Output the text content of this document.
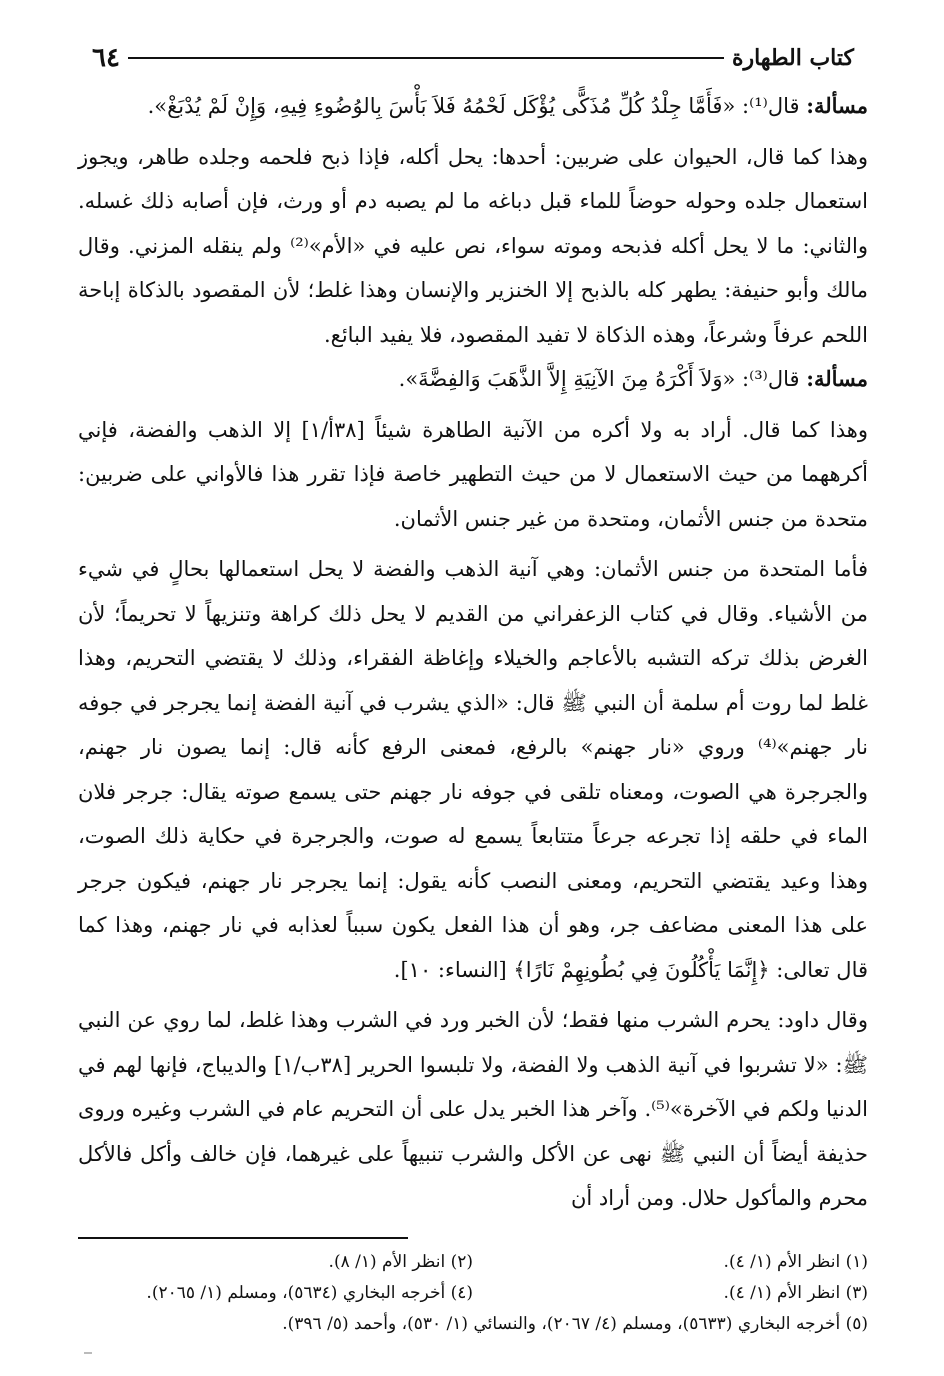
كتاب الطهارة
٦٤

مسألة: قال⁽¹⁾: «فَأَمَّا جِلْدُ كُلِّ مُذَكًّى يُؤْكَل لَحْمُهُ فَلاَ بَأْسَ بِالوُضُوءِ فِيهِ، وَإِنْ لَمْ يُدْبَغْ».

وهذا كما قال، الحيوان على ضربين: أحدها: يحل أكله، فإذا ذبح فلحمه وجلده طاهر، ويجوز استعمال جلده وحوله حوضاً للماء قبل دباغه ما لم يصبه دم أو ورث، فإن أصابه ذلك غسله. والثاني: ما لا يحل أكله فذبحه وموته سواء، نص عليه في «الأم»⁽²⁾ ولم ينقله المزني. وقال مالك وأبو حنيفة: يطهر كله بالذبح إلا الخنزير والإنسان وهذا غلط؛ لأن المقصود بالذكاة إباحة اللحم عرفاً وشرعاً، وهذه الذكاة لا تفيد المقصود، فلا يفيد البائع.

مسألة: قال⁽³⁾: «وَلاَ أَكْرَهُ مِنَ الآنِيَةِ إِلاَّ الذَّهَبَ وَالفِضَّةَ».

وهذا كما قال. أراد به ولا أكره من الآنية الطاهرة شيئاً [٣٨أ/١] إلا الذهب والفضة، فإني أكرههما من حيث الاستعمال لا من حيث التطهير خاصة فإذا تقرر هذا فالأواني على ضربين: متحدة من جنس الأثمان، ومتحدة من غير جنس الأثمان.

فأما المتحدة من جنس الأثمان: وهي آنية الذهب والفضة لا يحل استعمالها بحالٍ في شيء من الأشياء. وقال في كتاب الزعفراني من القديم لا يحل ذلك كراهة وتنزيهاً لا تحريماً؛ لأن الغرض بذلك تركه التشبه بالأعاجم والخيلاء وإغاظة الفقراء، وذلك لا يقتضي التحريم، وهذا غلط لما روت أم سلمة أن النبي ﷺ قال: «الذي يشرب في آنية الفضة إنما يجرجر في جوفه نار جهنم»⁽⁴⁾ وروي «نار جهنم» بالرفع، فمعنى الرفع كأنه قال: إنما يصون نار جهنم، والجرجرة هي الصوت، ومعناه تلقى في جوفه نار جهنم حتى يسمع صوته يقال: جرجر فلان الماء في حلقه إذا تجرعه جرعاً متتابعاً يسمع له صوت، والجرجرة في حكاية ذلك الصوت، وهذا وعيد يقتضي التحريم، ومعنى النصب كأنه يقول: إنما يجرجر نار جهنم، فيكون جرجر على هذا المعنى مضاعف جر، وهو أن هذا الفعل يكون سبباً لعذابه في نار جهنم، وهذا كما قال تعالى: ﴿إِنَّمَا يَأْكُلُونَ فِي بُطُونِهِمْ نَارًا﴾ [النساء: ١٠].

وقال داود: يحرم الشرب منها فقط؛ لأن الخبر ورد في الشرب وهذا غلط، لما روي عن النبي ﷺ: «لا تشربوا في آنية الذهب ولا الفضة، ولا تلبسوا الحرير [٣٨ب/١] والديباج، فإنها لهم في الدنيا ولكم في الآخرة»⁽⁵⁾. وآخر هذا الخبر يدل على أن التحريم عام في الشرب وغيره وروى حذيفة أيضاً أن النبي ﷺ نهى عن الأكل والشرب تنبيهاً على غيرهما، فإن خالف وأكل فالأكل محرم والمأكول حلال. ومن أراد أن

(١) انظر الأم (١/ ٤).
(٢) انظر الأم (١/ ٨).
(٣) انظر الأم (١/ ٤).
(٤) أخرجه البخاري (٥٦٣٤)، ومسلم (١/ ٢٠٦٥).
(٥) أخرجه البخاري (٥٦٣٣)، ومسلم (٤/ ٢٠٦٧)، والنسائي (١/ ٥٣٠)، وأحمد (٥/ ٣٩٦).
